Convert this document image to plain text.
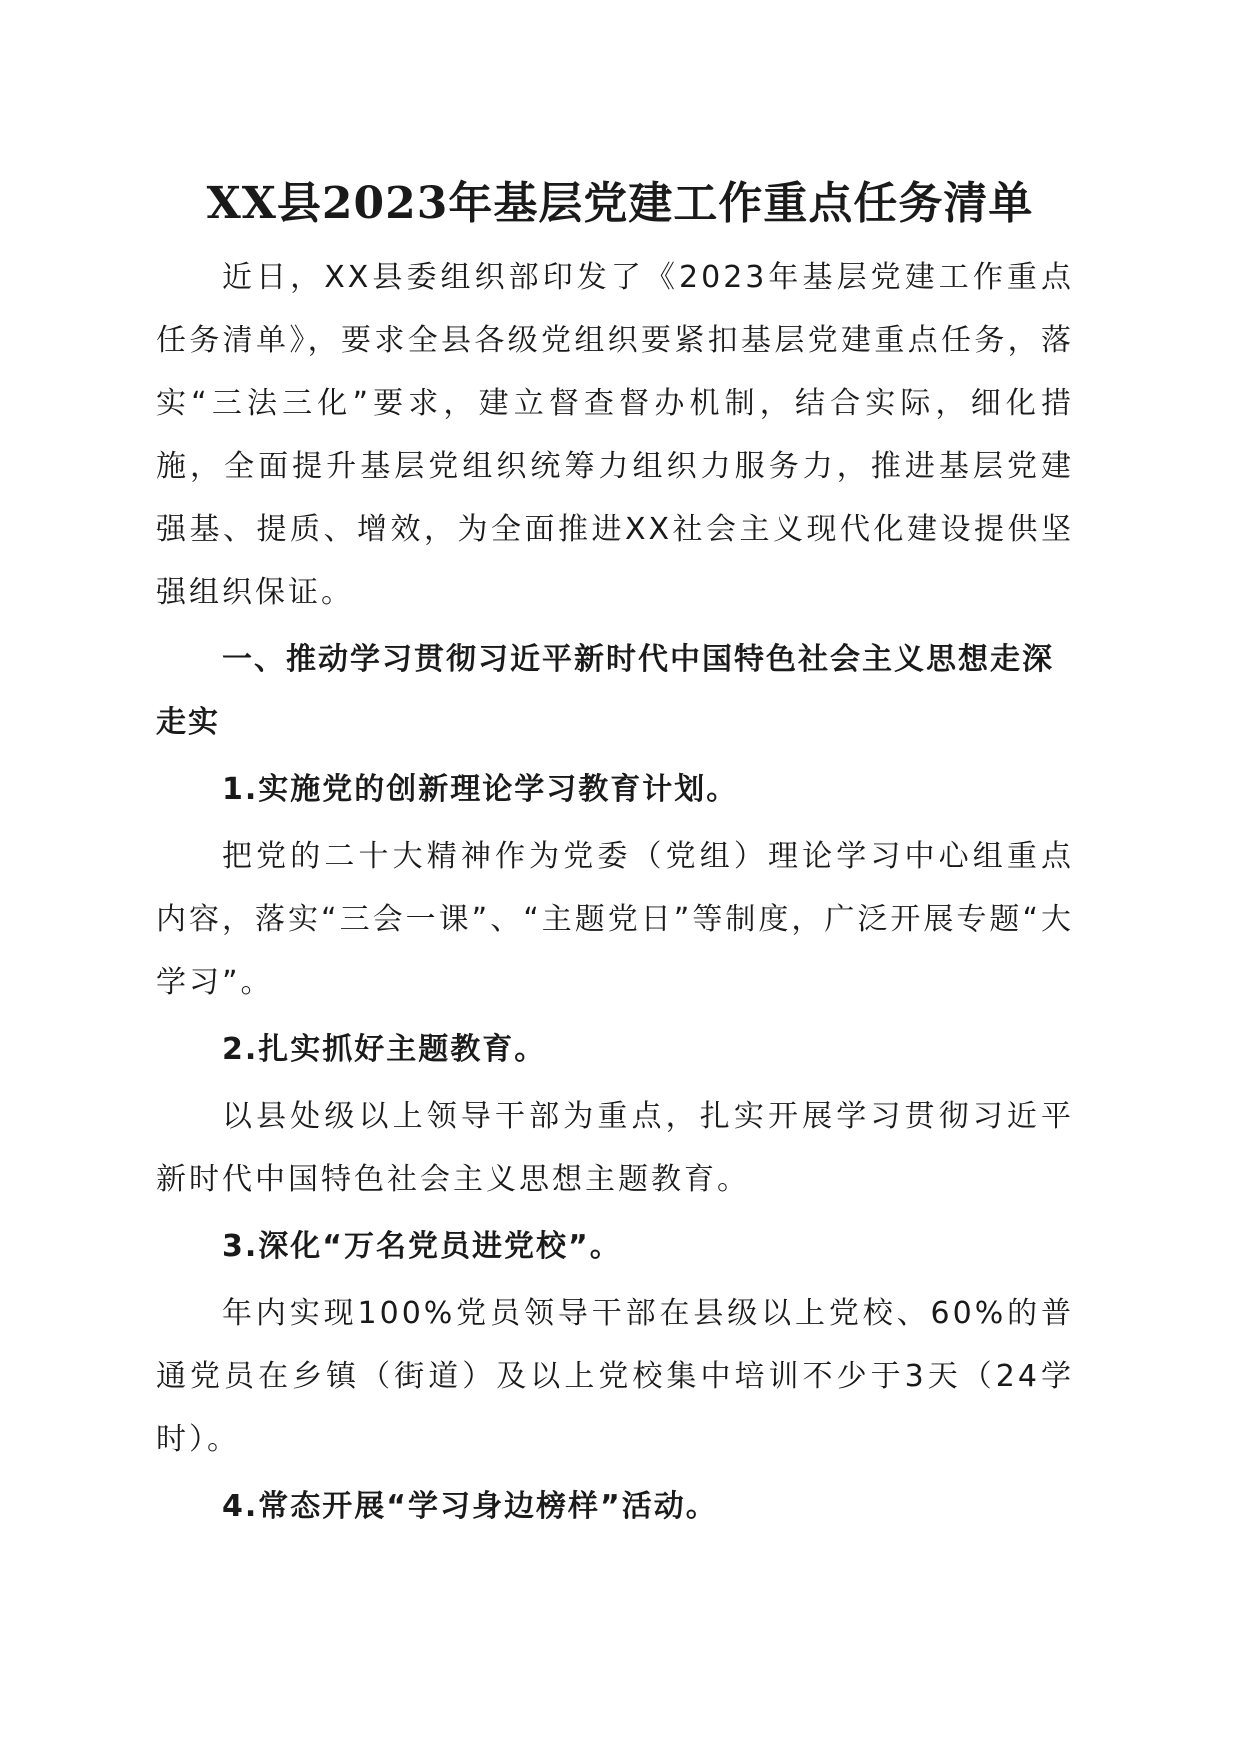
XX县2023年基层党建工作重点任务清单

近日，XX县委组织部印发了《2023年基层党建工作重点任务清单》，要求全县各级党组织要紧扣基层党建重点任务，落实“三法三化”要求，建立督查督办机制，结合实际，细化措施，全面提升基层党组织统筹力组织力服务力，推进基层党建强基、提质、增效，为全面推进XX社会主义现代化建设提供坚强组织保证。

一、推动学习贯彻习近平新时代中国特色社会主义思想走深走实

1.实施党的创新理论学习教育计划。

把党的二十大精神作为党委（党组）理论学习中心组重点内容，落实“三会一课”、“主题党日”等制度，广泛开展专题“大学习”。

2.扎实抓好主题教育。

以县处级以上领导干部为重点，扎实开展学习贯彻习近平新时代中国特色社会主义思想主题教育。

3.深化“万名党员进党校”。

年内实现100%党员领导干部在县级以上党校、60%的普通党员在乡镇（街道）及以上党校集中培训不少于3天（24学时）。

4.常态开展“学习身边榜样”活动。
